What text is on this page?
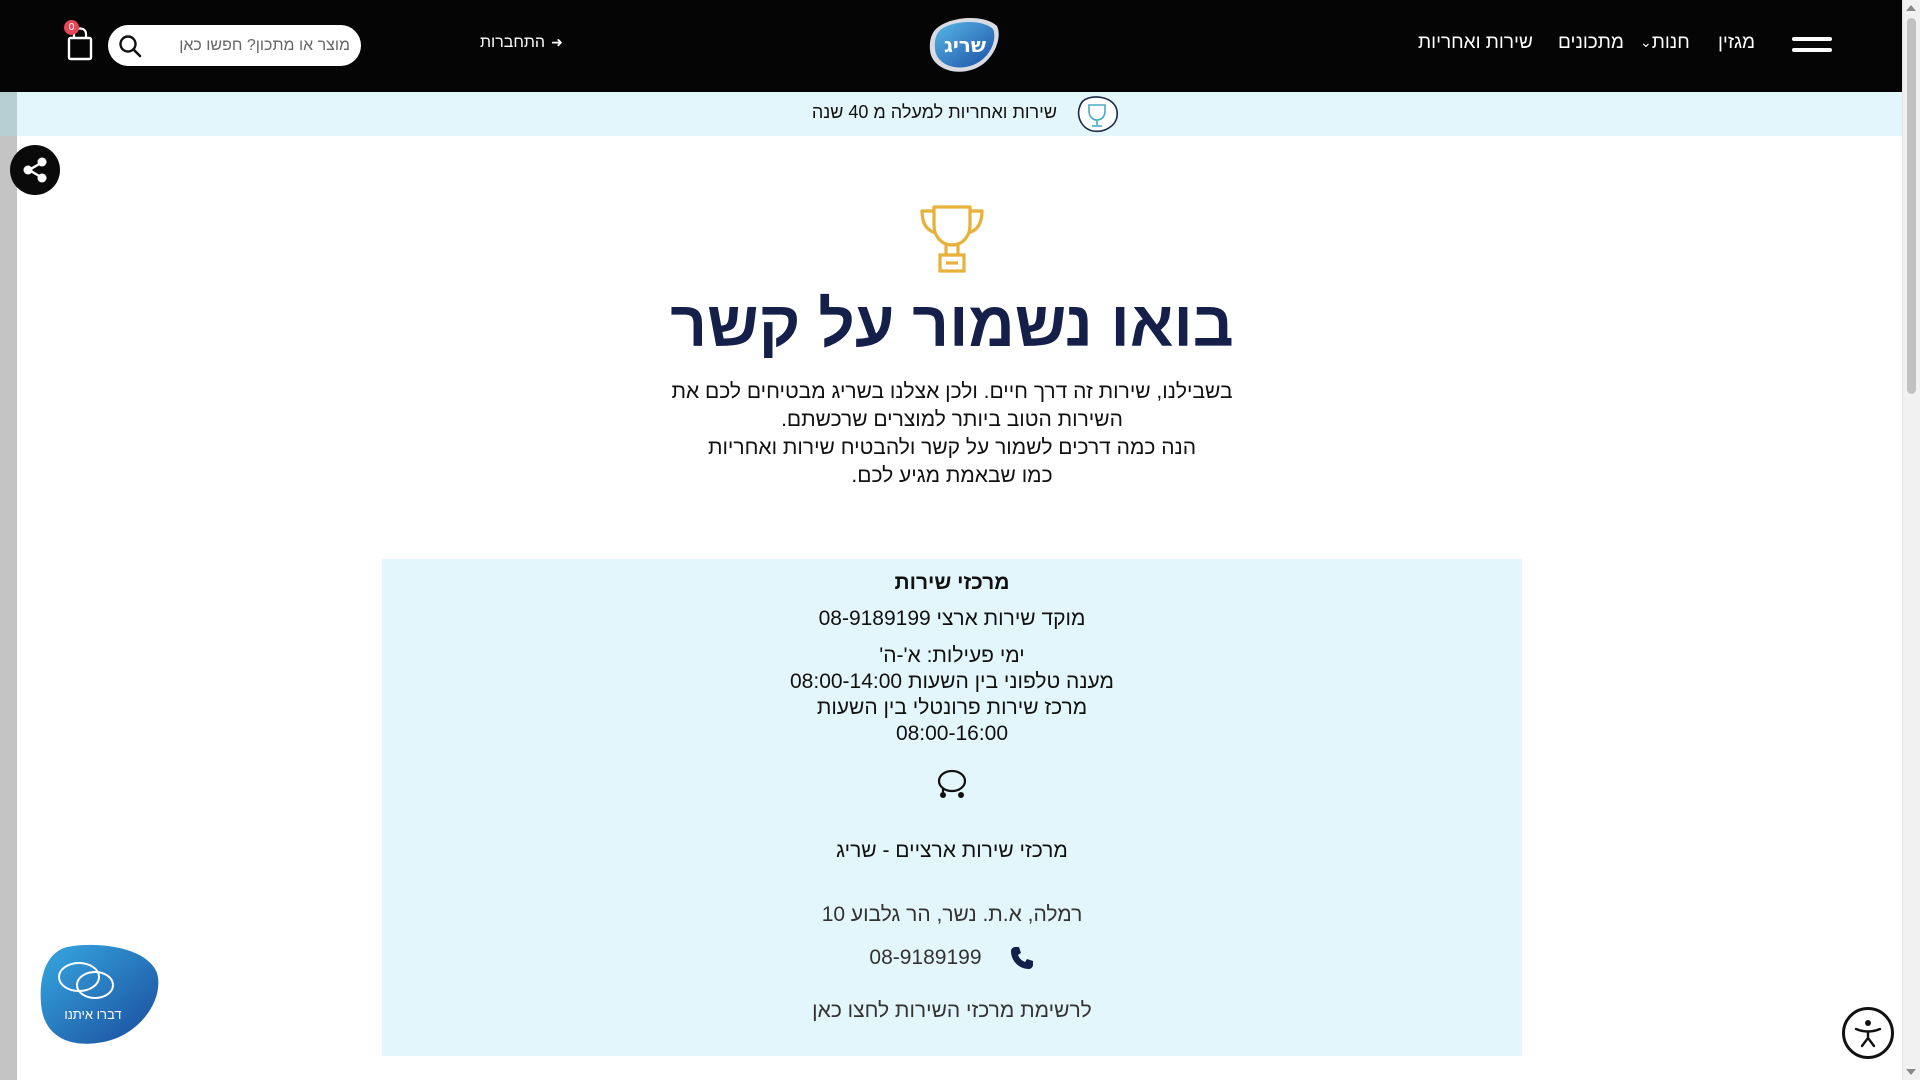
מגזין
⌄חנות
מתכונים
שירות ואחריות
שריג
התחברות ➜
מוצר או מתכון? חפשו כאן
0
שירות ואחריות למעלה מ 40 שנה
בואו נשמור על קשר
בשבילנו, שירות זה דרך חיים. ולכן אצלנו בשריג מבטיחים לכם את
השירות הטוב ביותר למוצרים שרכשתם.
הנה כמה דרכים לשמור על קשר ולהבטיח שירות ואחריות
כמו שבאמת מגיע לכם.
מרכזי שירות
מוקד שירות ארצי 08-9189199
ימי פעילות: א'-ה'
מענה טלפוני בין השעות 08:00-14:00
מרכז שירות פרונטלי בין השעות
08:00-16:00
מרכזי שירות ארציים - שריג
רמלה, א.ת. נשר, הר גלבוע 10
08-9189199
לרשימת מרכזי השירות לחצו כאן
דברו איתנו
